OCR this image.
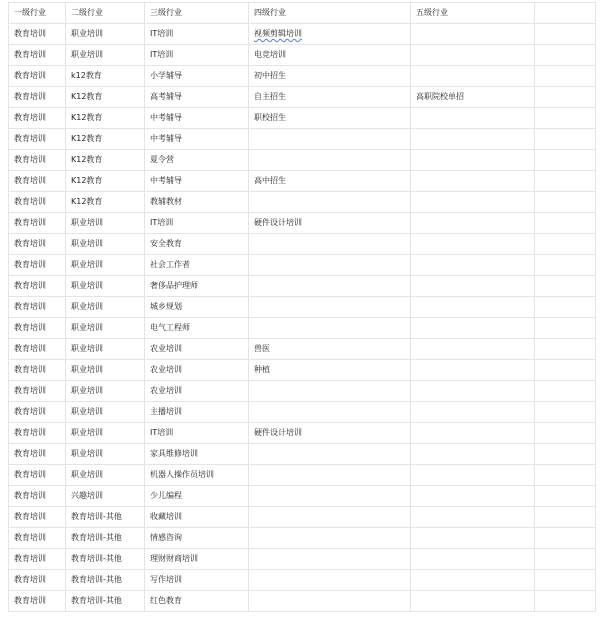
一级行业	二级行业	三级行业	四级行业	五级行业	
教育培训	职业培训	IT培训	视频剪辑培训		
教育培训	职业培训	IT培训	电竞培训		
教育培训	k12教育	小学辅导	初中招生		
教育培训	K12教育	高考辅导	自主招生	高职院校单招	
教育培训	K12教育	中考辅导	职校招生		
教育培训	K12教育	中考辅导			
教育培训	K12教育	夏令营			
教育培训	K12教育	中考辅导	高中招生		
教育培训	K12教育	教辅教材			
教育培训	职业培训	IT培训	硬件设计培训		
教育培训	职业培训	安全教育			
教育培训	职业培训	社会工作者			
教育培训	职业培训	奢侈品护理师			
教育培训	职业培训	城乡规划			
教育培训	职业培训	电气工程师			
教育培训	职业培训	农业培训	兽医		
教育培训	职业培训	农业培训	种植		
教育培训	职业培训	农业培训			
教育培训	职业培训	主播培训			
教育培训	职业培训	IT培训	硬件设计培训		
教育培训	职业培训	家具维修培训			
教育培训	职业培训	机器人操作员培训			
教育培训	兴趣培训	少儿编程			
教育培训	教育培训-其他	收藏培训			
教育培训	教育培训-其他	情感咨询			
教育培训	教育培训-其他	理财财商培训			
教育培训	教育培训-其他	写作培训			
教育培训	教育培训-其他	红色教育			
